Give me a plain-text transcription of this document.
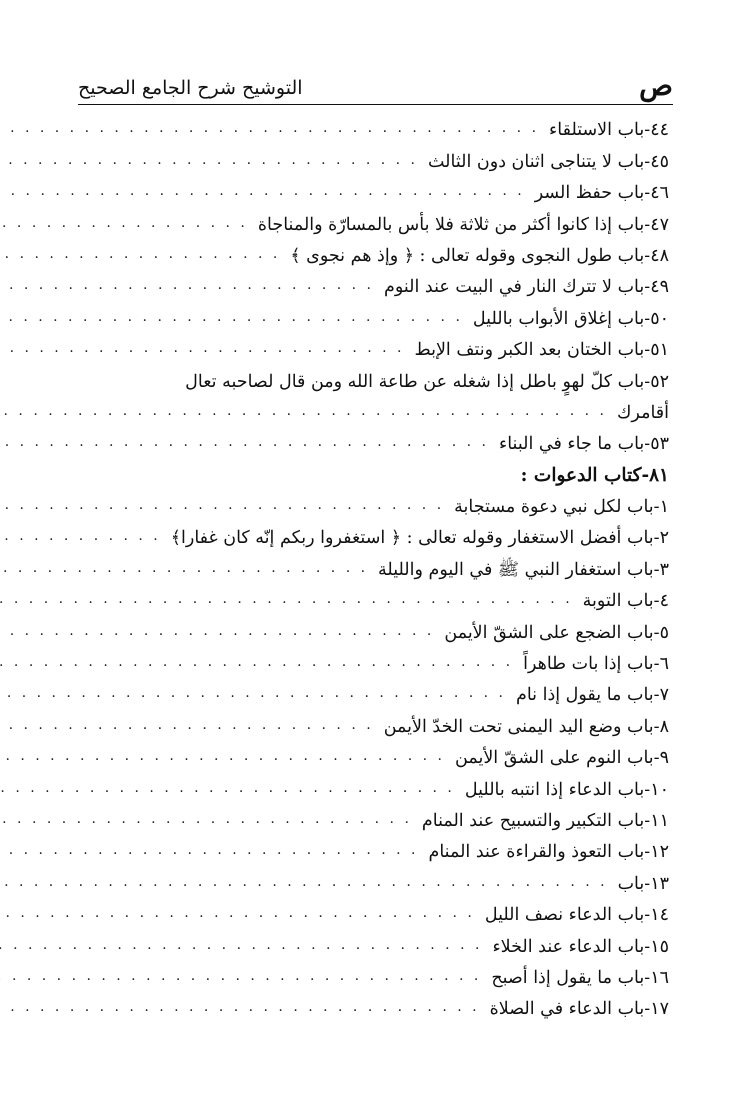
ص
التوشيح شرح الجامع الصحيح
٤٤
-
باب الاستلقاء
. . .
٤٥
-
باب لا يتناجى اثنان دون الثالث
. . .
٤٦
-
باب حفظ السر
. . .
٤٧
-
باب إذا كانوا أكثر من ثلاثة فلا بأس بالمسارّة والمناجاة
. . .
٤٨
-
باب طول النجوى وقوله تعالى : ﴿ وإذ هم نجوى ﴾
. . .
٤٩
-
باب لا تترك النار في البيت عند النوم
. . .
٥٠
-
باب إغلاق الأبواب بالليل
. . .
٥١
-
باب الختان بعد الكبر ونتف الإبط
. . .
٥٢
-
باب كلّ لهوٍ باطل إذا شغله عن طاعة الله ومن قال لصاحبه تعال
أقامرك
. . .
٥٣
-
باب ما جاء في البناء
. . .
٨١
-
كتاب الدعوات :
١
-
باب لكل نبي دعوة مستجابة
. . .
٢
-
باب أفضل الاستغفار وقوله تعالى : ﴿ استغفروا ربكم إنّه كان غفارا﴾
. . .
٣
-
باب استغفار النبي ﷺ في اليوم والليلة
. . .
٤
-
باب التوبة
. . .
٥
-
باب الضجع على الشقّ الأيمن
. . .
٦
-
باب إذا بات طاهراً
. . .
٧
-
باب ما يقول إذا نام
. . .
٨
-
باب وضع اليد اليمنى تحت الخدّ الأيمن
. . .
٩
-
باب النوم على الشقّ الأيمن
. . .
١٠
-
باب الدعاء إذا انتبه بالليل
. . .
١١
-
باب التكبير والتسبيح عند المنام
. . .
١٢
-
باب التعوذ والقراءة عند المنام
. . .
١٣
-
باب
. . .
١٤
-
باب الدعاء نصف الليل
. . .
١٥
-
باب الدعاء عند الخلاء
. . .
١٦
-
باب ما يقول إذا أصبح
. . .
١٧
-
باب الدعاء في الصلاة
. . .
